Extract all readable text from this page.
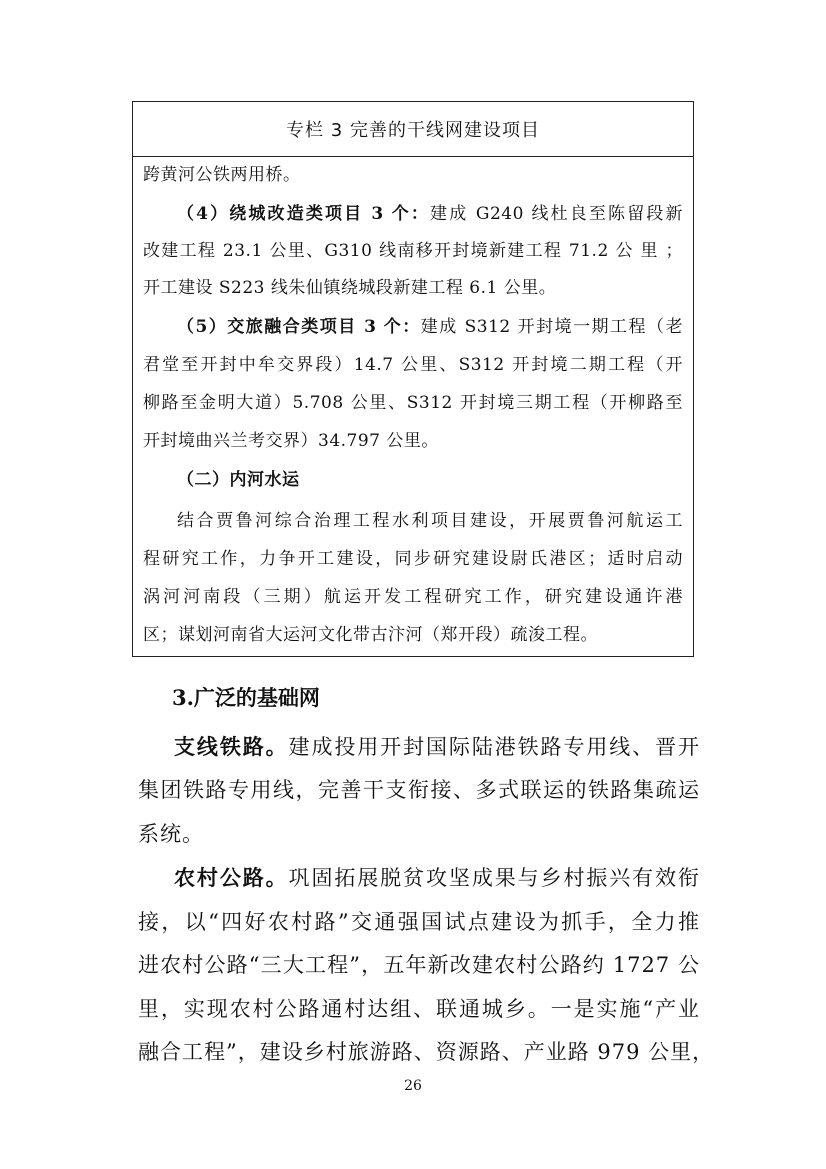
专栏 3 完善的干线网建设项目
跨黄河公铁两用桥。
（4）绕城改造类项目 3 个：建成 G240 线杜良至陈留段新
改建工程 23.1 公里、G310 线南移开封境新建工程 71.2 公 里 ；
开工建设 S223 线朱仙镇绕城段新建工程 6.1 公里。
（5）交旅融合类项目 3 个：建成 S312 开封境一期工程（老
君堂至开封中牟交界段）14.7 公里、S312 开封境二期工程（开
柳路至金明大道）5.708 公里、S312 开封境三期工程（开柳路至
开封境曲兴兰考交界）34.797 公里。
（二）内河水运
结合贾鲁河综合治理工程水利项目建设，开展贾鲁河航运工
程研究工作，力争开工建设，同步研究建设尉氏港区；适时启动
涡河河南段（三期）航运开发工程研究工作，研究建设通许港
区；谋划河南省大运河文化带古汴河（郑开段）疏浚工程。
3.广泛的基础网
支线铁路。建成投用开封国际陆港铁路专用线、晋开
集团铁路专用线，完善干支衔接、多式联运的铁路集疏运
系统。
农村公路。巩固拓展脱贫攻坚成果与乡村振兴有效衔
接，以“四好农村路”交通强国试点建设为抓手，全力推
进农村公路“三大工程”，五年新改建农村公路约 1727 公
里，实现农村公路通村达组、联通城乡。一是实施“产业
融合工程”，建设乡村旅游路、资源路、产业路 979 公里，
26
